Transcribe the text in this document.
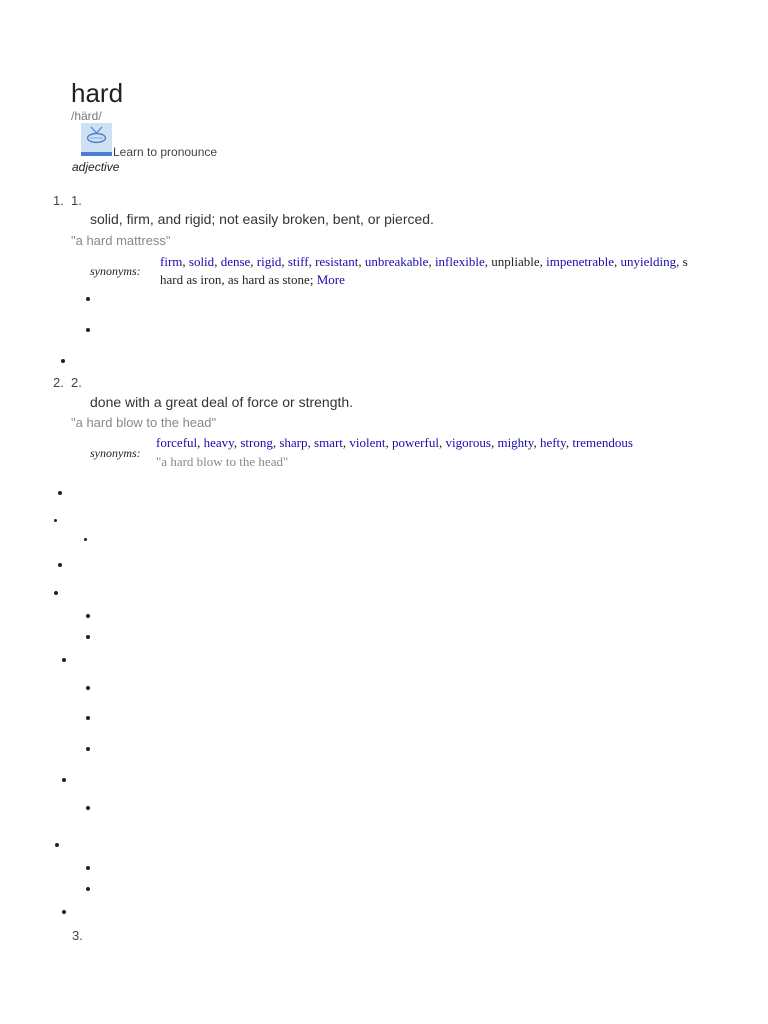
hard
/härd/
Learn to pronounce
adjective
1. 1.
solid, firm, and rigid; not easily broken, bent, or pierced.
"a hard mattress"
synonyms:
firm, solid, dense, rigid, stiff, resistant, unbreakable, inflexible, unpliable, impenetrable, unyielding, s
hard as iron, as hard as stone; More
2. 2.
done with a great deal of force or strength.
"a hard blow to the head"
synonyms:
forceful, heavy, strong, sharp, smart, violent, powerful, vigorous, mighty, hefty, tremendous
"a hard blow to the head"
3.
